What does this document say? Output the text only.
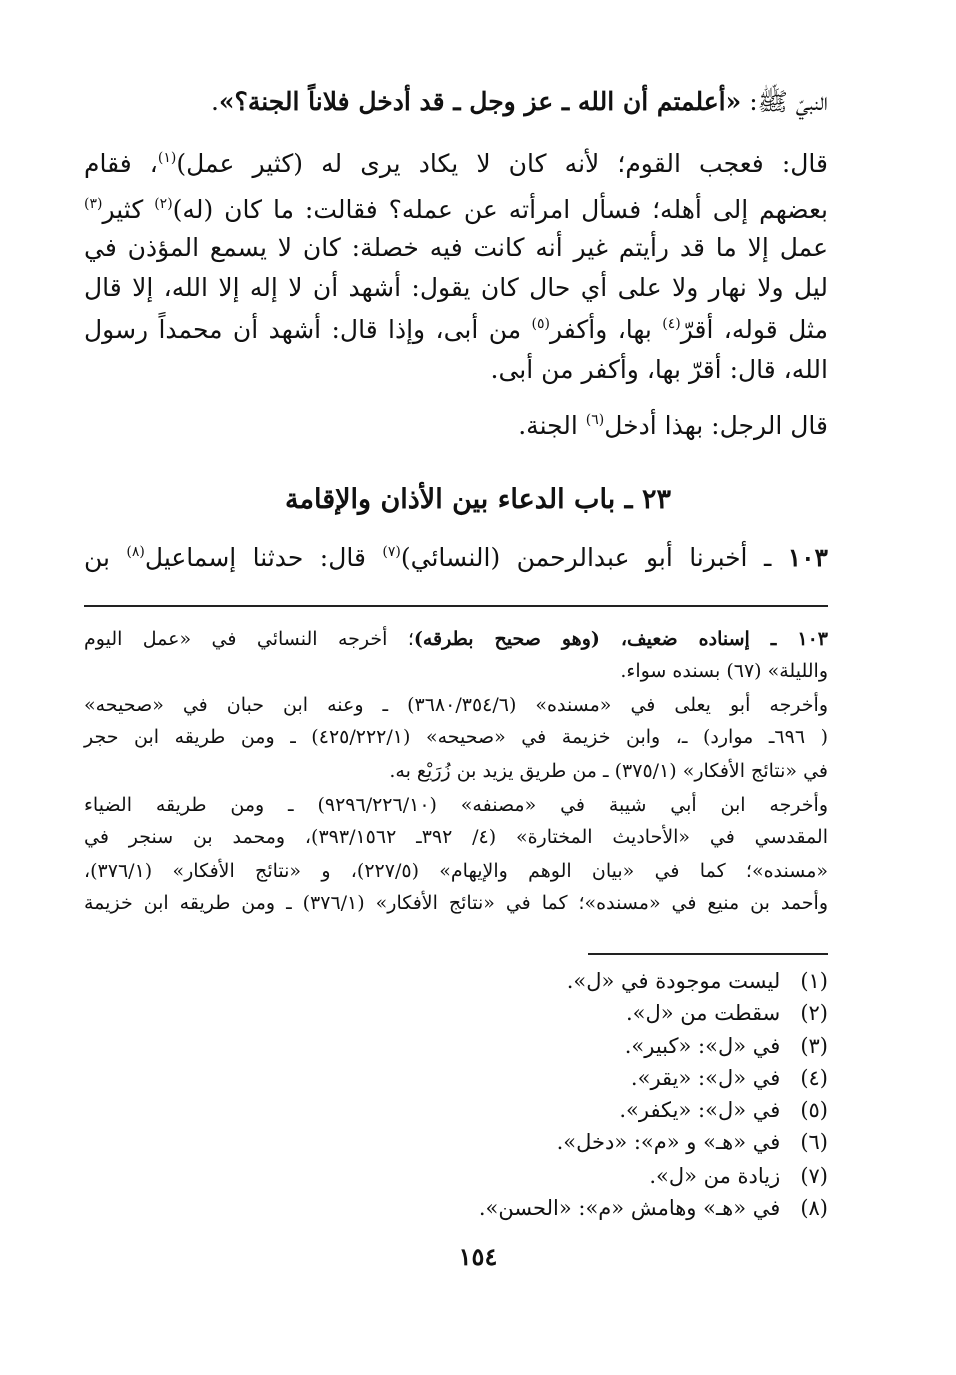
النبيّ ﷺ: «أعلمتم أن الله ـ عز وجل ـ قد أدخل فلاناً الجنة؟».
قال: فعجب القوم؛ لأنه كان لا يكاد يرى له (كثير عمل)$^{(١)}$، فقام
بعضهم إلى أهله؛ فسأل امرأته عن عمله؟ فقالت: ما كان (له)$^{(٢)}$ كثير$^{(٣)}$
عمل إلا ما قد رأيتم غير أنه كانت فيه خصلة: كان لا يسمع المؤذن في
ليل ولا نهار ولا على أي حال كان يقول: أشهد أن لا إله إلا الله، إلا قال
مثل قوله، أقرّ$^{(٤)}$ بها، وأكفر$^{(٥)}$ من أبى، وإذا قال: أشهد أن محمداً رسول
الله، قال: أقرّ بها، وأكفر من أبى.
قال الرجل: بهذا أدخل$^{(٦)}$ الجنة.
٢٣ ـ باب الدعاء بين الأذان والإقامة
١٠٣ ـ أخبرنا أبو عبدالرحمن (النسائي)$^{(٧)}$ قال: حدثنا إسماعيل$^{(٨)}$ بن
١٠٣ ـ إسناده ضعيف، (وهو صحيح بطرقه)؛ أخرجه النسائي في «عمل اليوم
والليلة» (٦٧) بسنده سواء.
وأخرجه أبو يعلى في «مسنده» (٣٦٨٠/٣٥٤/٦) ـ وعنه ابن حبان في «صحيحه»
( ٦٩٦ـ موارد) ـ، وابن خزيمة في «صحيحه» (٤٢٥/٢٢٢/١) ـ ومن طريقه ابن حجر
في «نتائج الأفكار» (٣٧٥/١) ـ من طريق يزيد بن زُرَيْع به.
وأخرجه ابن أبي شيبة في «مصنفه» (٩٢٩٦/٢٢٦/١٠) ـ ومن طريقه الضياء
المقدسي في «الأحاديث المختارة» (٤/ ٣٩٢ـ ٣٩٣/١٥٦٢)، ومحمد بن سنجر في
«مسنده»؛ كما في «بيان الوهم والإيهام» (٢٢٧/٥)، و «نتائج الأفكار» (٣٧٦/١)،
وأحمد بن منيع في «مسنده»؛ كما في «نتائج الأفكار» (٣٧٦/١) ـ ومن طريقه ابن خزيمة
(١)   ليست موجودة في «ل».
(٢)   سقطت من «ل».
(٣)   في «ل»: «كبير».
(٤)   في «ل»: «يقر».
(٥)   في «ل»: «يكفر».
(٦)   في «هـ» و «م»: «دخل».
(٧)   زيادة من «ل».
(٨)   في «هـ» وهامش «م»: «الحسن».
١٥٤
